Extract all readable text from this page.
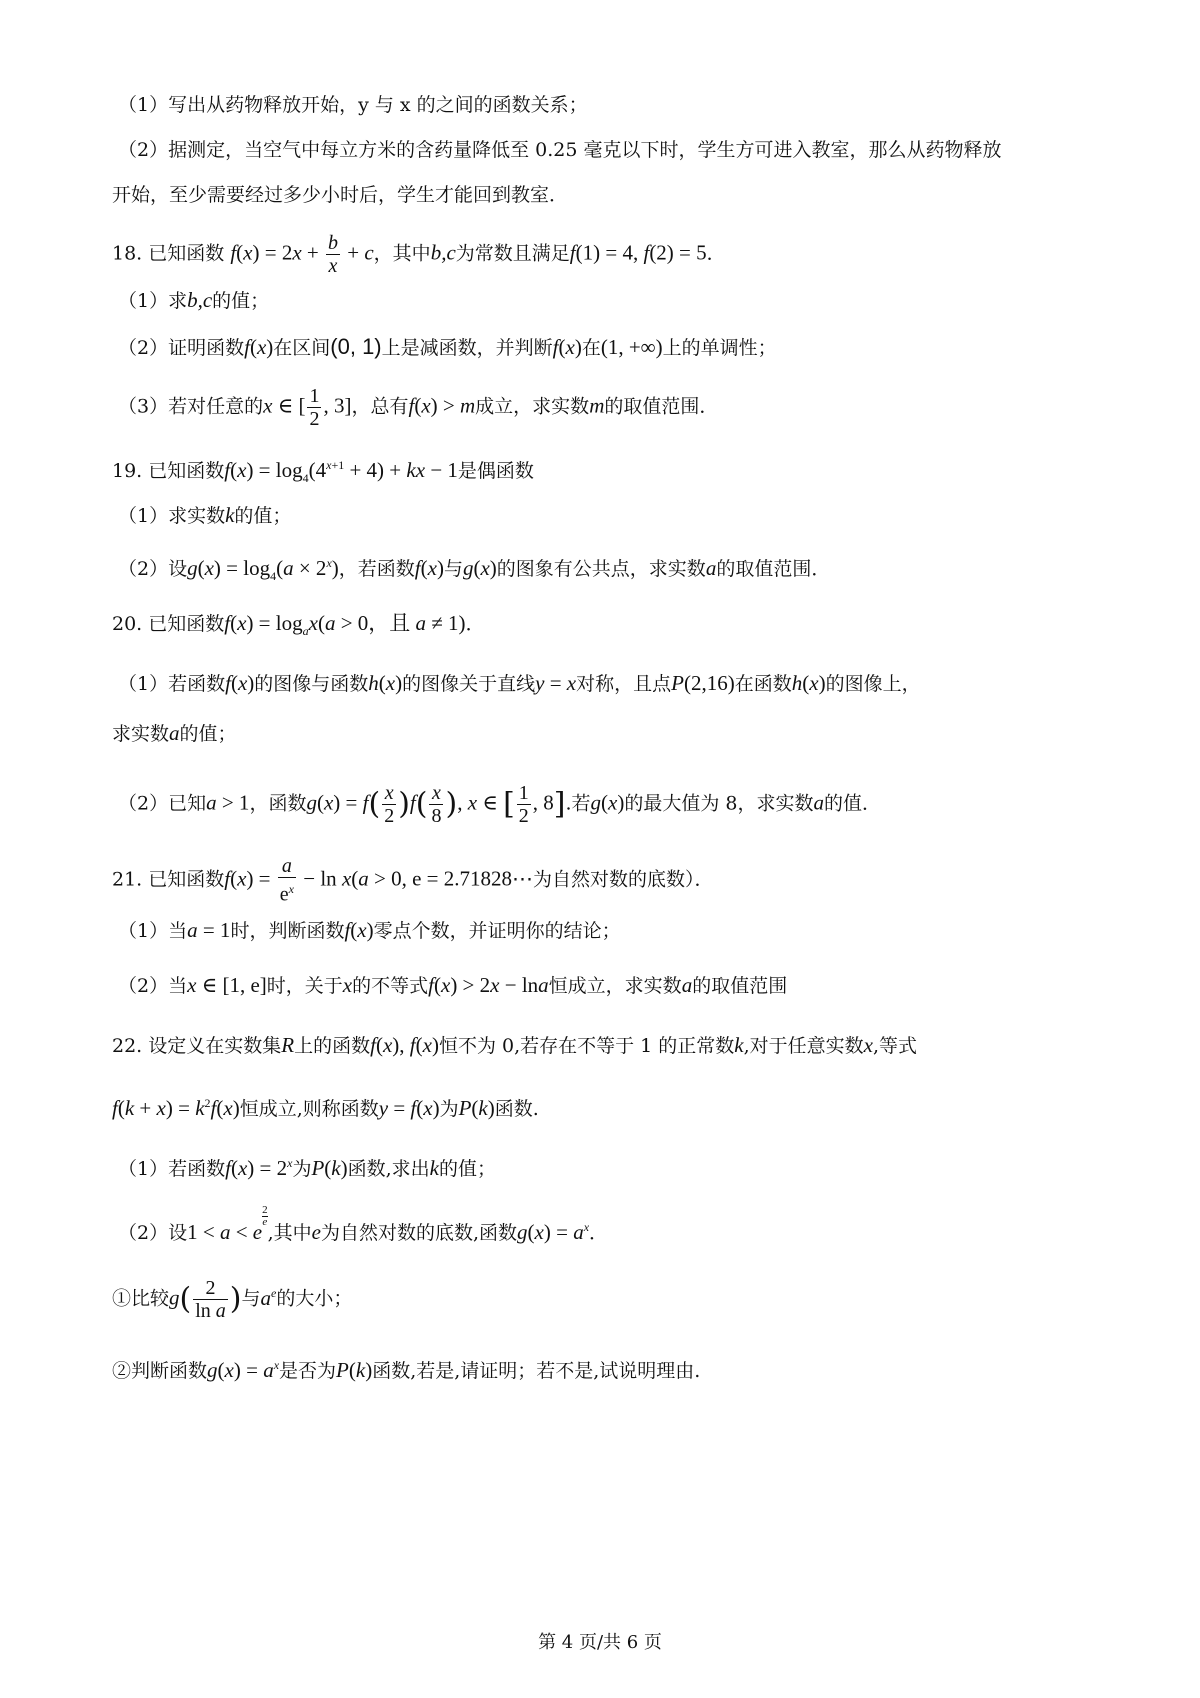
（1）写出从药物释放开始，y 与 x 的之间的函数关系；
（2）据测定，当空气中每立方米的含药量降低至 0.25 毫克以下时，学生方可进入教室，那么从药物释放
开始，至少需要经过多少小时后，学生才能回到教室．
18. 已知函数 $f(x) = 2x + \frac{b}{x} + c$，其中b,c为常数且满足f(1) = 4, f(2) = 5．
（1）求b,c的值；
（2）证明函数f(x)在区间(0, 1)上是减函数，并判断f(x)在(1, +∞)上的单调性；
（3）若对任意的x ∈ [ $\frac{1}{2}$ , 3]，总有f(x) > m成立，求实数m的取值范围．
19. 已知函数$f(x) = \log_4(4^{x+1} + 4)$ + kx − 1是偶函数
（1）求实数k的值；
（2）设$g(x) = \log_4(a \times 2^x)$，若函数f(x)与g(x)的图象有公共点，求实数a的取值范围．
20. 已知函数$f(x) = \log_ax(a > 0$，且 a ≠ 1)．
（1）若函数f(x)的图像与函数h(x)的图像关于直线y = x对称，且点P(2,16)在函数h(x)的图像上，
求实数a的值；
（2）已知a > 1，函数$g(x) = f( \frac{x}{2} )f( \frac{x}{8}$ ), x ∈ [ $\frac{1}{2}$ , 8].若g(x)的最大值为 8，求实数a的值．
21. 已知函数$f(x) = \frac{a}{e^x} - \ln x(a > 0$, e = 2.71828⋯为自然对数的底数）．
（1）当a = 1时，判断函数f(x)零点个数，并证明你的结论；
（2）当x ∈ [1, e]时，关于x的不等式f(x) > 2x − lna恒成立，求实数a的取值范围
22. 设定义在实数集R上的函数f(x), f(x)恒不为 0,若存在不等于 1 的正常数k,对于任意实数x,等式
$f(k + x) = k^2f(x)$恒成立,则称函数y = f(x)为P(k)函数.
（1）若函数$f(x) = 2^x$为P(k)函数,求出k的值；
（2）设1 < a < e
$^{\frac{2}{e}}$
,其中e为自然对数的底数,函数$g(x) = a^x$．
①比较$g( \frac{2}{\text{ln a}}$ )与$a^e$的大小；
②判断函数$g(x) = a^x$是否为P(k)函数,若是,请证明；若不是,试说明理由.
第 4 页/共 6 页
